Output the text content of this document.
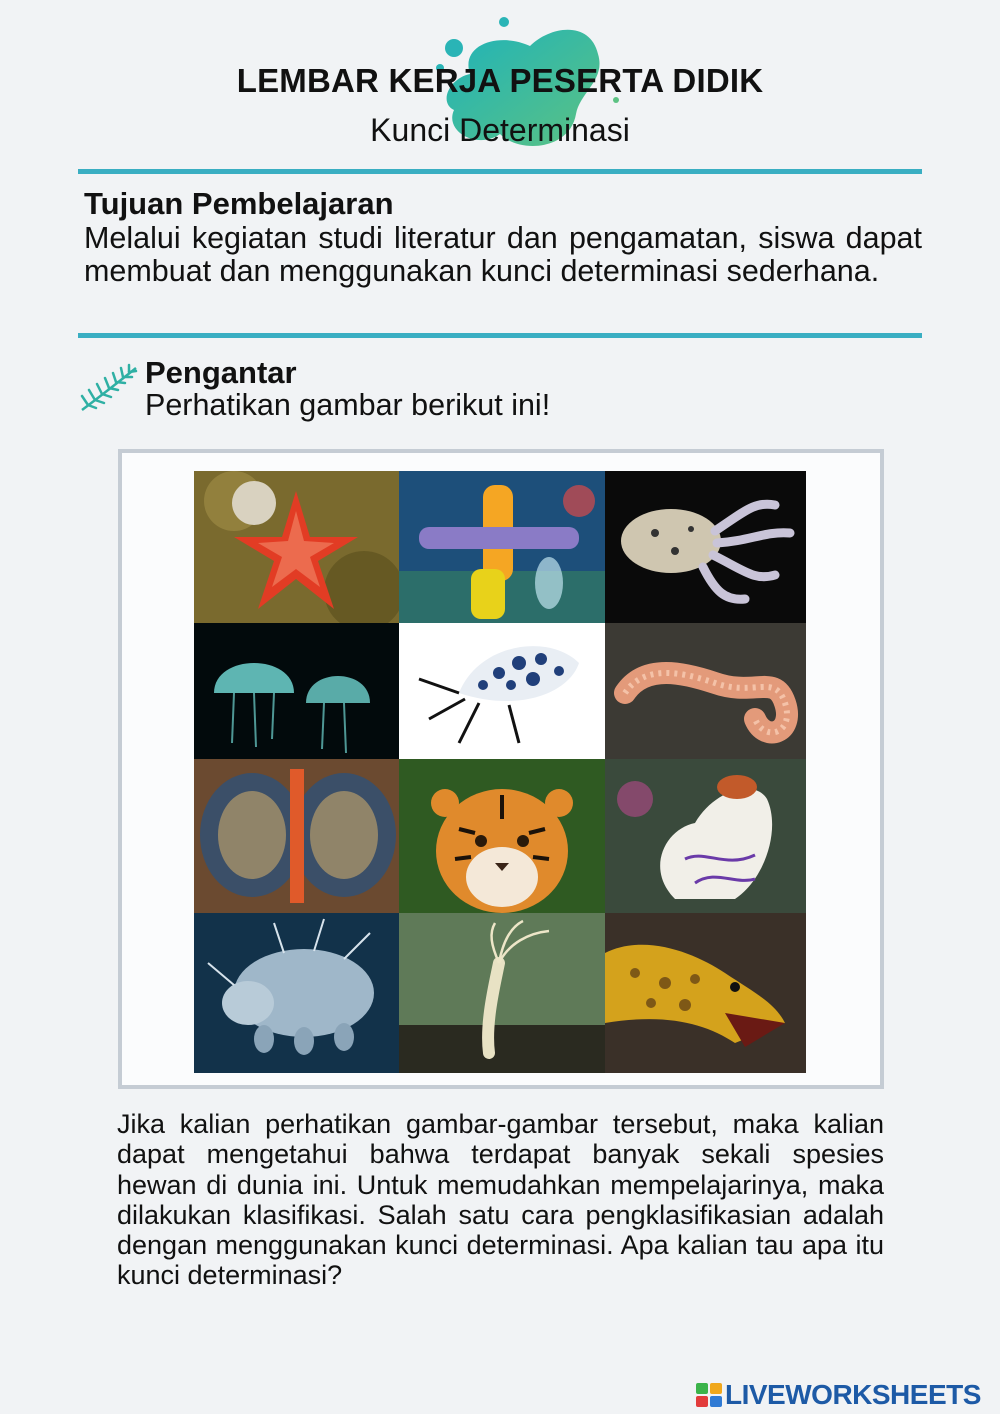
LEMBAR KERJA PESERTA DIDIK
Kunci Determinasi
Tujuan Pembelajaran
Melalui kegiatan studi literatur dan pengamatan, siswa dapat membuat dan menggunakan kunci determinasi sederhana.
Pengantar
Perhatikan gambar berikut ini!
Jika kalian perhatikan gambar-gambar tersebut, maka kalian dapat mengetahui bahwa terdapat banyak sekali spesies hewan di dunia ini. Untuk memudahkan mempelajarinya, maka dilakukan klasifikasi. Salah satu cara pengklasifikasian adalah dengan menggunakan kunci determinasi. Apa kalian tau apa itu kunci determinasi?
LIVEWORKSHEETS
